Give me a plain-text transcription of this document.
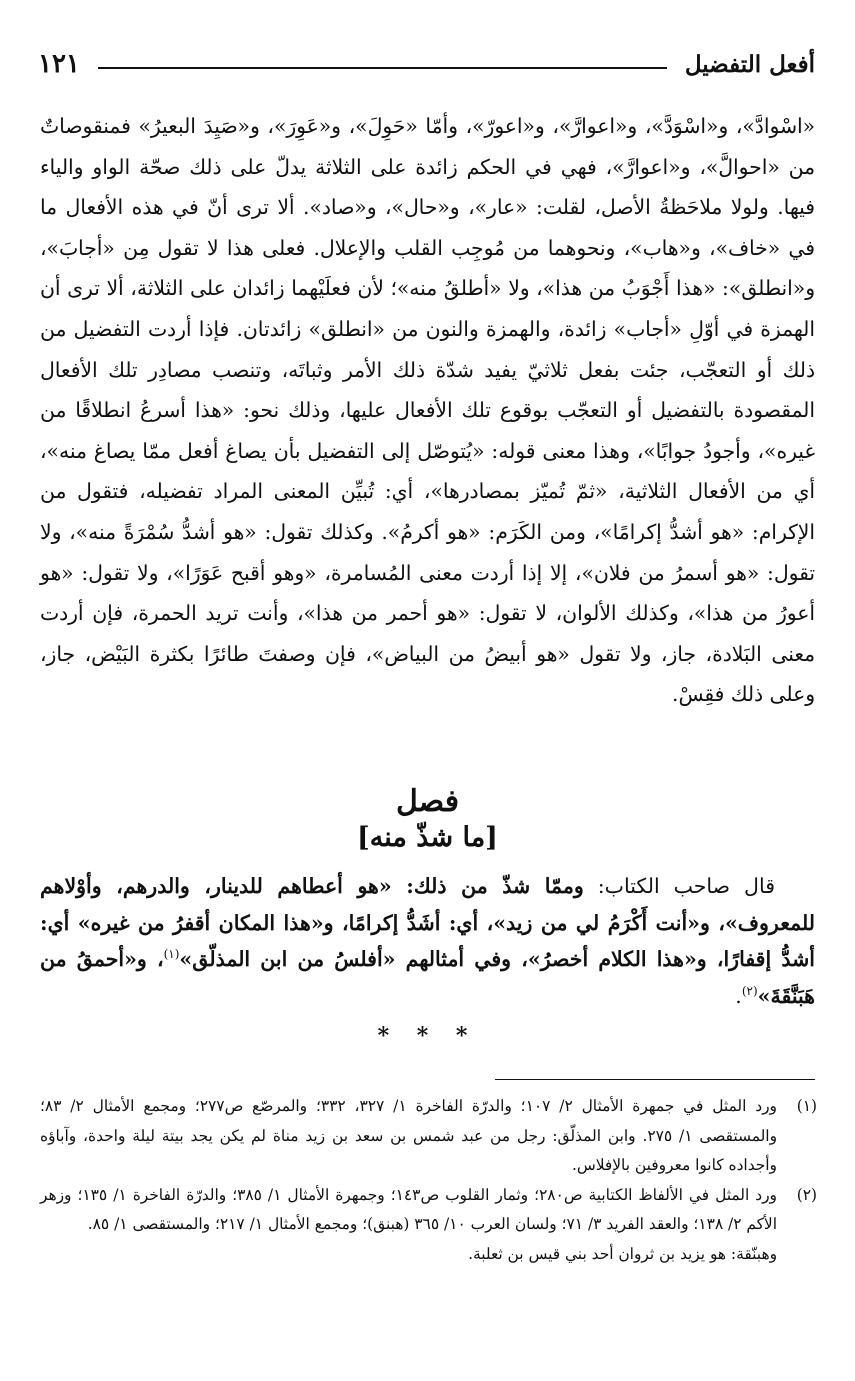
أفعل التفضيل
١٢١

«اسْوادَّ»، و«اسْوَدَّ»، و«اعوارَّ»، و«اعورّ»، وأمّا «حَوِلَ»، و«عَوِرَ»، و«صَيِدَ البعيرُ» فمنقوصاتٌ من «احوالَّ»، و«اعوارَّ»، فهي في الحكم زائدة على الثلاثة يدلّ على ذلك صحّة الواو والياء فيها. ولولا ملاحَظةُ الأصل، لقلت: «عار»، و«حال»، و«صاد». ألا ترى أنّ في هذه الأفعال ما في «خاف»، و«هاب»، ونحوهما من مُوجِب القلب والإعلال. فعلى هذا لا تقول مِن «أجابَ»، و«انطلق»: «هذا أَجْوَبُ من هذا»، ولا «أطلقُ منه»؛ لأن فعلَيْهما زائدان على الثلاثة، ألا ترى أن الهمزة في أوّلِ «أجاب» زائدة، والهمزة والنون من «انطلق» زائدتان. فإذا أردت التفضيل من ذلك أو التعجّب، جئت بفعل ثلاثيّ يفيد شدّة ذلك الأمر وثباتَه، وتنصب مصادِر تلك الأفعال المقصودة بالتفضيل أو التعجّب بوقوع تلك الأفعال عليها، وذلك نحو: «هذا أسرعُ انطلاقًا من غيره»، وأجودُ جوابًا»، وهذا معنى قوله: «يُتوصّل إلى التفضيل بأن يصاغ أفعل ممّا يصاغ منه»، أي من الأفعال الثلاثية، «ثمّ تُميّز بمصادرها»، أي: تُبيِّن المعنى المراد تفضيله، فتقول من الإكرام: «هو أشدُّ إكرامًا»، ومن الكَرَم: «هو أكرمُ». وكذلك تقول: «هو أشدُّ سُمْرَةً منه»، ولا تقول: «هو أسمرُ من فلان»، إلا إذا أردت معنى المُسامرة، «وهو أقبح عَوَرًا»، ولا تقول: «هو أعورُ من هذا»، وكذلك الألوان، لا تقول: «هو أحمر من هذا»، وأنت تريد الحمرة، فإن أردت معنى البَلادة، جاز، ولا تقول «هو أبيضُ من البياض»، فإن وصفتَ طائرًا بكثرة البَيْض، جاز، وعلى ذلك فقِسْ.

فصل
[ما شذّ منه]

قال صاحب الكتاب: وممّا شذّ من ذلك: «هو أعطاهم للدينار، والدرهم، وأوْلاهم للمعروف»، و«أنت أَكْرَمُ لي من زيد»، أي: أشَدُّ إكرامًا، و«هذا المكان أقفرُ من غيره» أي: أشدُّ إقفارًا، و«هذا الكلام أخصرُ»، وفي أمثالهم «أفلسُ من ابن المذلّق»$^{(١)}$، و«أحمقُ من هَبَنَّقَةَ»$^{(٢)}$.

* * *
(١)
ورد المثل في جمهرة الأمثال ٢/ ١٠٧؛ والدرّة الفاخرة ١/ ٣٢٧، ٣٣٢؛ والمرصّع ص٢٧٧؛ ومجمع الأمثال ٢/ ٨٣؛ والمستقصى ١/ ٢٧٥. وابن المذلّق: رجل من عبد شمس بن سعد بن زيد مناة لم يكن يجد بيتة ليلة واحدة، وآباؤه وأجداده كانوا معروفين بالإفلاس.
(٢)
ورد المثل في الألفاظ الكتابية ص٢٨٠؛ وثمار القلوب ص١٤٣؛ وجمهرة الأمثال ١/ ٣٨٥؛ والدرّة الفاخرة ١/ ١٣٥؛ وزهر الأكم ٢/ ١٣٨؛ والعقد الفريد ٣/ ٧١؛ ولسان العرب ١٠/ ٣٦٥ (هبنق)؛ ومجمع الأمثال ١/ ٢١٧؛ والمستقصى ١/ ٨٥.
وهبنّقة: هو يزيد بن ثروان أحد بني قيس بن ثعلبة.
